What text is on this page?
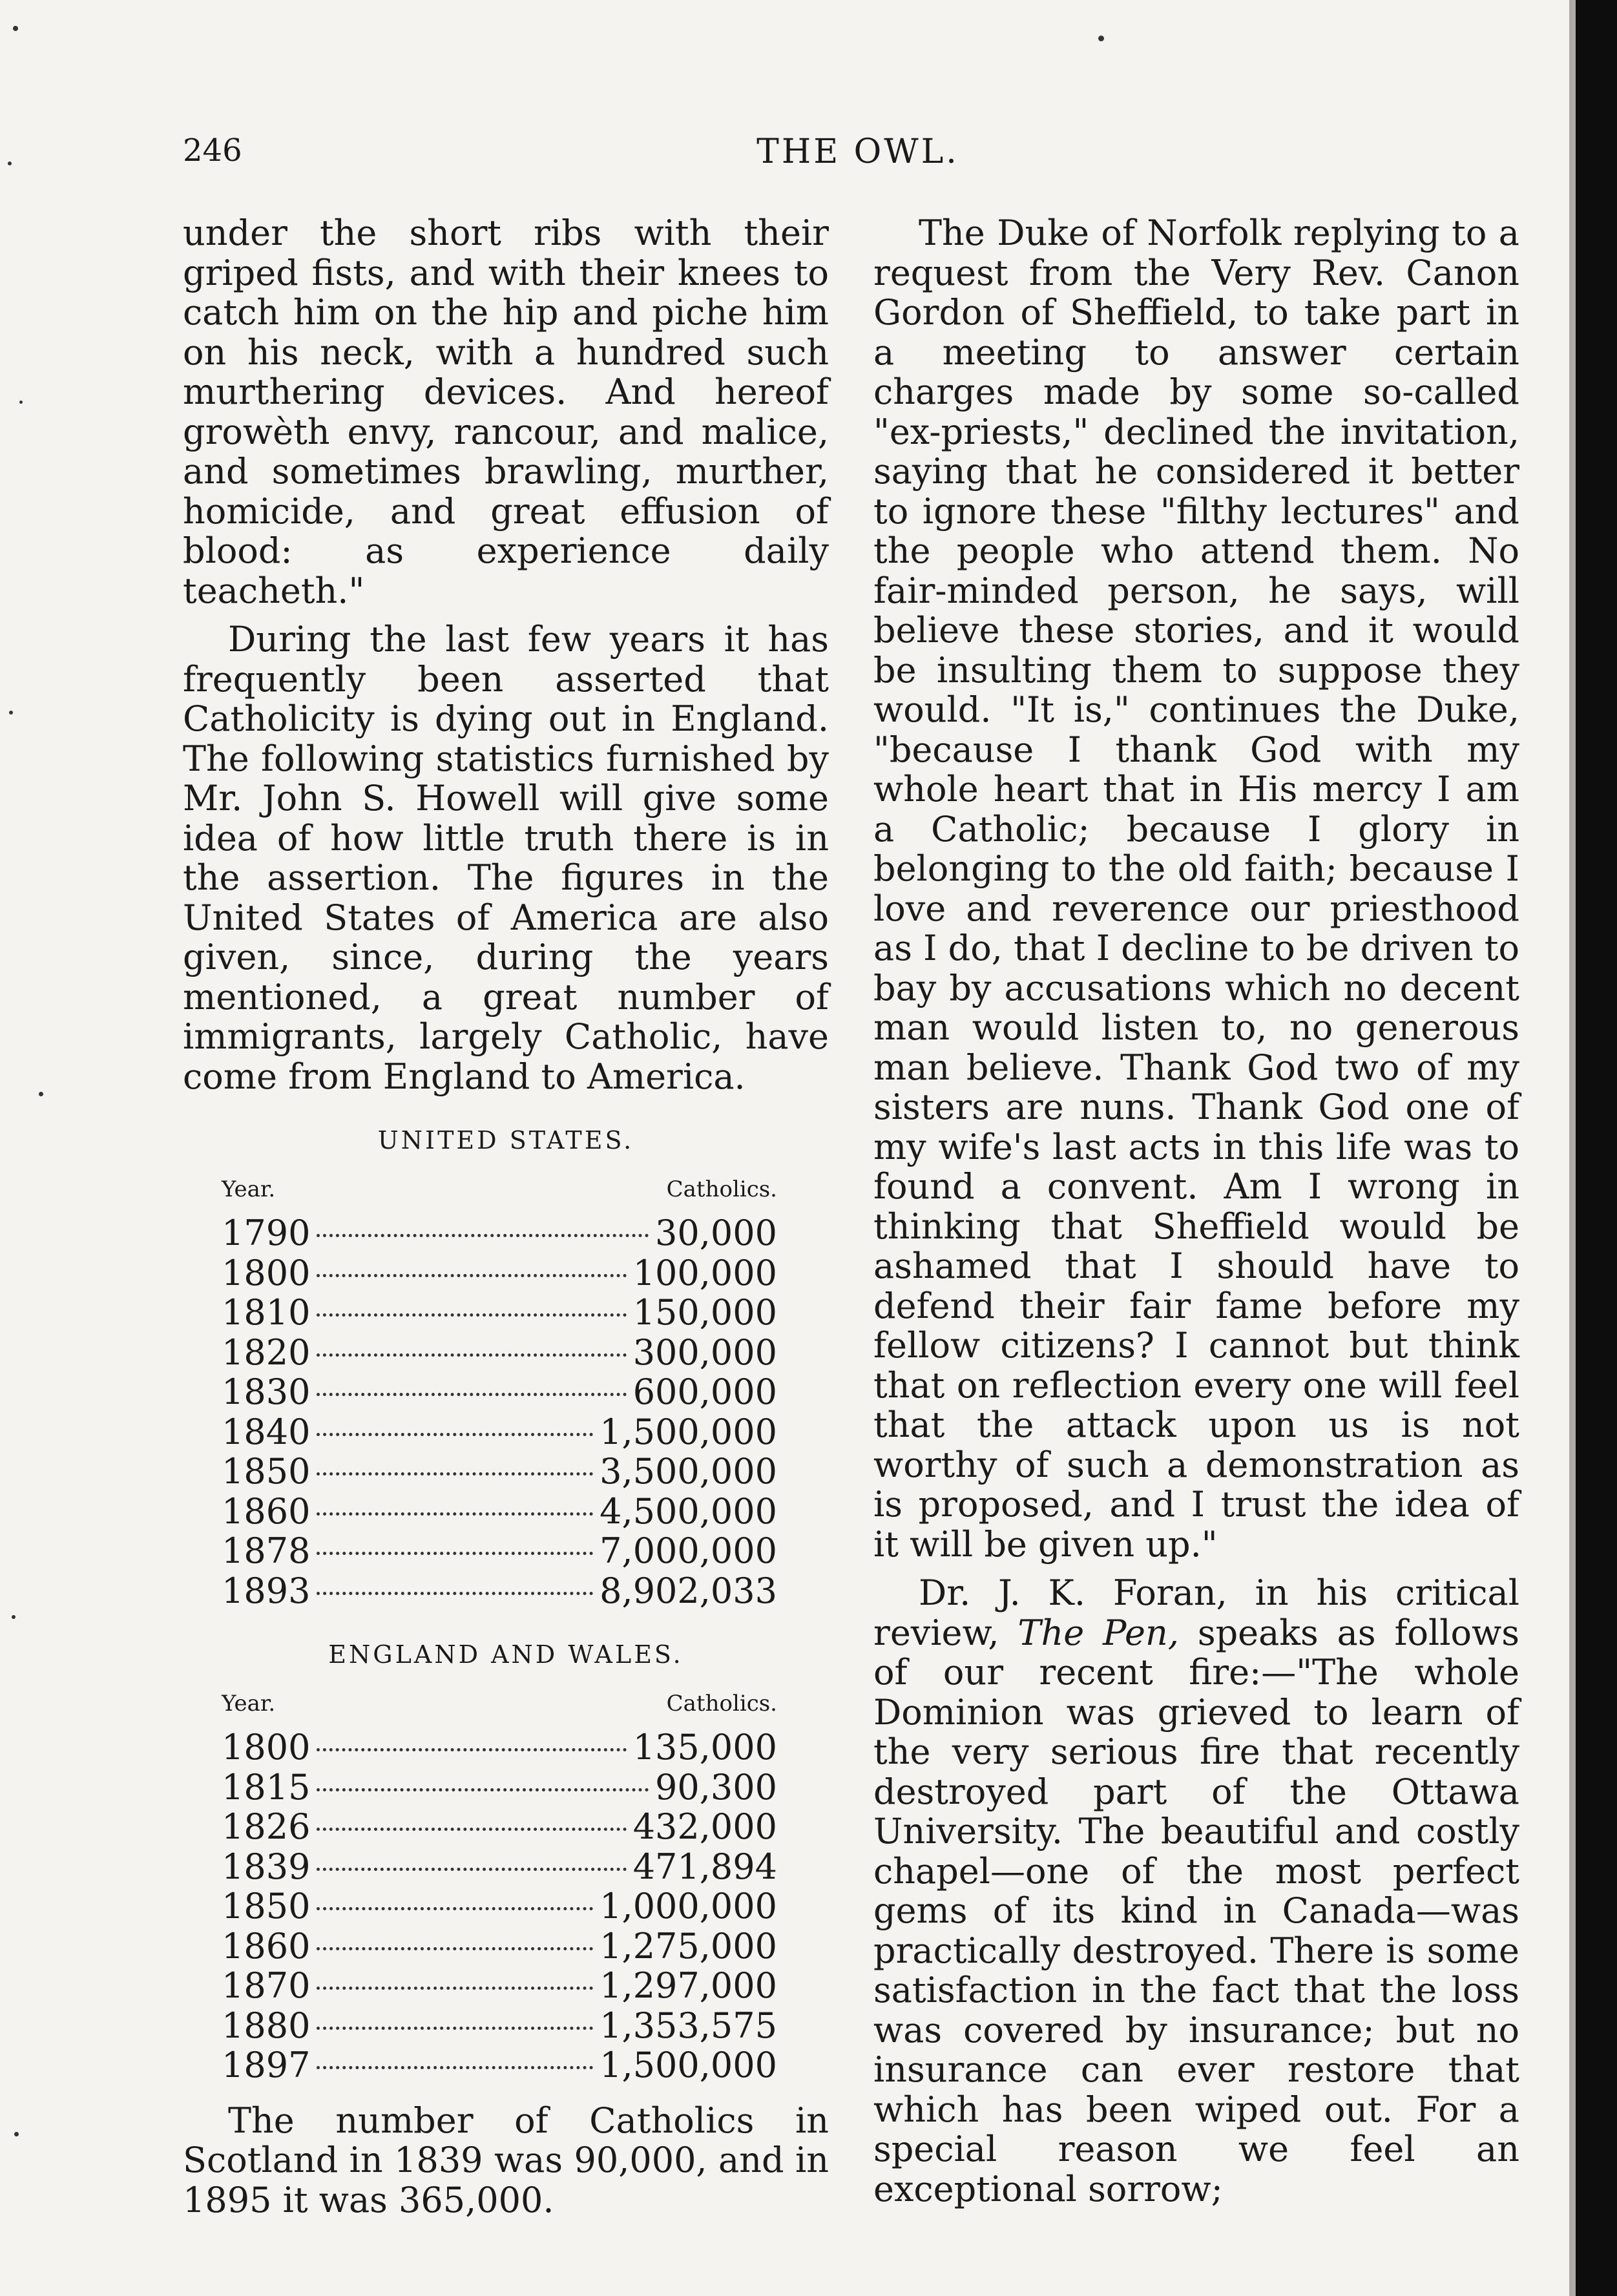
246	THE OWL.

under the short ribs with their griped fists, and with their knees to catch him on the hip and piche him on his neck, with a hundred such murthering devices. And hereof growèth envy, rancour, and malice, and sometimes brawling, murther, homicide, and great effusion of blood: as experience daily teacheth."

During the last few years it has frequently been asserted that Catholicity is dying out in England. The following statistics furnished by Mr. John S. Howell will give some idea of how little truth there is in the assertion. The figures in the United States of America are also given, since, during the years mentioned, a great number of immigrants, largely Catholic, have come from England to America.

UNITED STATES.
Year.	Catholics.
1790	30,000
1800	100,000
1810	150,000
1820	300,000
1830	600,000
1840	1,500,000
1850	3,500,000
1860	4,500,000
1878	7,000,000
1893	8,902,033
ENGLAND AND WALES.
Year.	Catholics.
1800	135,000
1815	90,300
1826	432,000
1839	471,894
1850	1,000,000
1860	1,275,000
1870	1,297,000
1880	1,353,575
1897	1,500,000

The number of Catholics in Scotland in 1839 was 90,000, and in 1895 it was 365,000.

The Duke of Norfolk replying to a request from the Very Rev. Canon Gordon of Sheffield, to take part in a meeting to answer certain charges made by some so-called "ex-priests," declined the invitation, saying that he considered it better to ignore these "filthy lectures" and the people who attend them. No fair-minded person, he says, will believe these stories, and it would be insulting them to suppose they would. "It is," continues the Duke, "because I thank God with my whole heart that in His mercy I am a Catholic; because I glory in belonging to the old faith; because I love and reverence our priesthood as I do, that I decline to be driven to bay by accusations which no decent man would listen to, no generous man believe. Thank God two of my sisters are nuns. Thank God one of my wife's last acts in this life was to found a convent. Am I wrong in thinking that Sheffield would be ashamed that I should have to defend their fair fame before my fellow citizens? I cannot but think that on reflection every one will feel that the attack upon us is not worthy of such a demonstration as is proposed, and I trust the idea of it will be given up."

Dr. J. K. Foran, in his critical review, The Pen, speaks as follows of our recent fire:—"The whole Dominion was grieved to learn of the very serious fire that recently destroyed part of the Ottawa University. The beautiful and costly chapel—one of the most perfect gems of its kind in Canada—was practically destroyed. There is some satisfaction in the fact that the loss was covered by insurance; but no insurance can ever restore that which has been wiped out. For a special reason we feel an exceptional sorrow;
